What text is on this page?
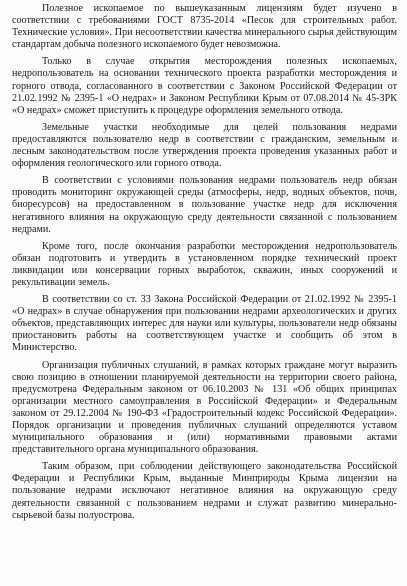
Полезное ископаемое по вышеуказанным лицензиям будет изучено в соответствии с требованиями ГОСТ 8735-2014 «Песок для строительных работ. Технические условия». При несоответствии качества минерального сырья действующим стандартам добыча полезного ископаемого будет невозможна.

Только в случае открытия месторождения полезных ископаемых, недропользователь на основании технического проекта разработки месторождения и горного отвода, согласованного в соответствии с Законом Российской Федерации от 21.02.1992 № 2395-1 «О недрах» и Законом Республики Крым от 07.08.2014 № 45-ЗРК «О недрах» сможет приступить к процедуре оформления земельного отвода.

Земельные участки необходимые для целей пользования недрами предоставляются пользователю недр в соответствии с гражданским, земельным и лесным законодательством после утверждения проекта проведения указанных работ и оформления геологического или горного отвода.

В соответствии с условиями пользования недрами пользователь недр обязан проводить мониторинг окружающей среды (атмосферы, недр, водных объектов, почв, биоресурсов) на предоставленном в пользование участке недр для исключения негативного влияния на окружающую среду деятельности связанной с пользованием недрами.

Кроме того, после окончания разработки месторождения недропользователь обязан подготовить и утвердить в установленном порядке технический проект ликвидации или консервации горных выработок, скважин, иных сооружений и рекультивации земель.

В соответствии со ст. 33 Закона Российской Федерации от 21.02.1992 № 2395-1 «О недрах» в случае обнаружения при пользовании недрами археологических и других объектов, представляющих интерес для науки или культуры, пользователи недр обязаны приостановить работы на соответствующем участке и сообщить об этом в Министерство.

Организация публичных слушаний, в рамках которых граждане могут выразить свою позицию в отношении планируемой деятельности на территории своего района, предусмотрена Федеральным законом от 06.10.2003 № 131 «Об общих принципах организации местного самоуправления в Российской Федерации» и Федеральным законом от 29.12.2004 № 190-ФЗ «Градостроительный кодекс Российской Федерации». Порядок организации и проведения публичных слушаний определяются уставом муниципального образования и (или) нормативными правовыми актами представительного органа муниципального образования.

Таким образом, при соблюдении действующего законодательства Российской Федерации и Республики Крым, выданные Минприроды Крыма лицензии на пользование недрами исключают негативное влияния на окружающую среду деятельности связанной с пользованием недрами и служат развитию минерально-сырьевой базы полуострова.
